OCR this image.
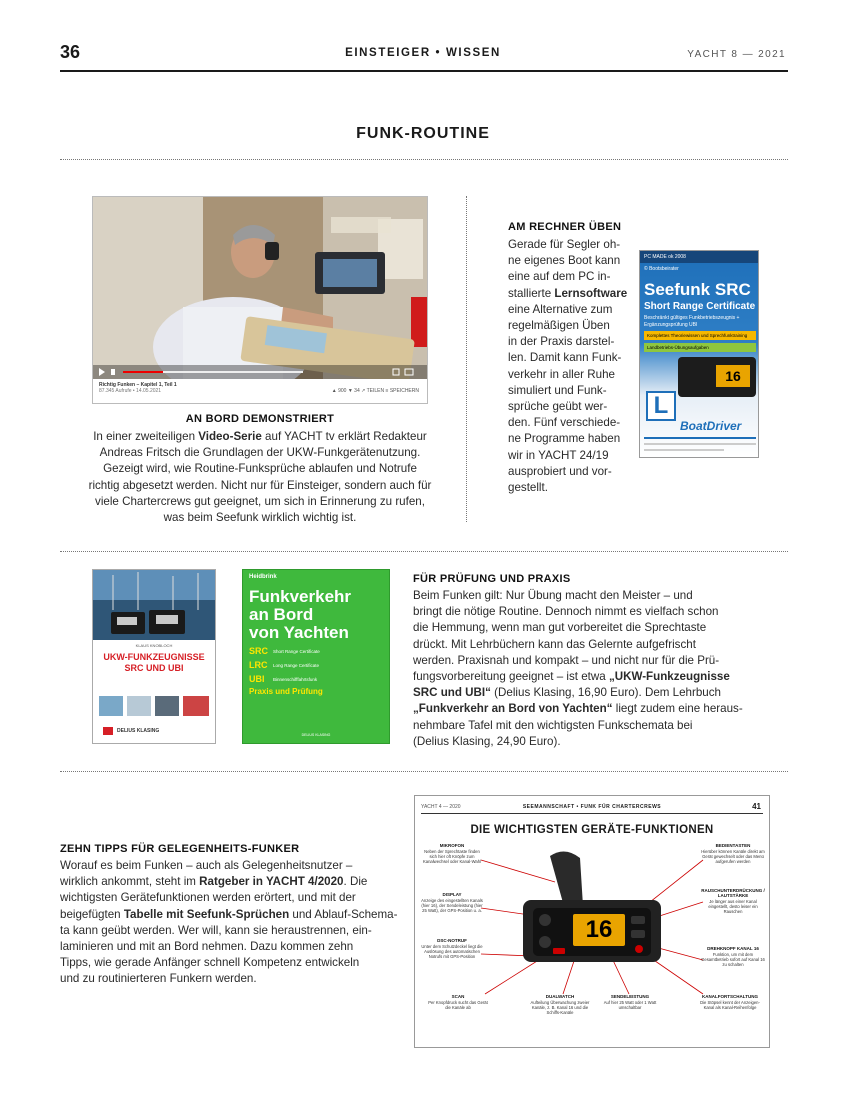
36	EINSTEIGER • WISSEN	YACHT 8 — 2021
FUNK-ROUTINE
Richtig Funken – Kapitel 1, Teil 1
87.345 Aufrufe • 14.05.2021	▲ 900 ▼ 34 ↗ TEILEN ≡ SPEICHERN
AN BORD DEMONSTRIERT
In einer zweiteiligen Video-Serie auf YACHT tv erklärt Redakteur
Andreas Fritsch die Grundlagen der UKW-Funkgerätenutzung.
Gezeigt wird, wie Routine-Funksprüche ablaufen und Notrufe
richtig abgesetzt werden. Nicht nur für Einsteiger, sondern auch für
viele Chartercrews gut geeignet, um sich in Erinnerung zu rufen,
was beim Seefunk wirklich wichtig ist.
AM RECHNER ÜBEN
Gerade für Segler oh-
ne eigenes Boot kann
eine auf dem PC in-
stallierte Lernsoftware
eine Alternative zum
regelmäßigen Üben
in der Praxis darstel-
len. Damit kann Funk-
verkehr in aller Ruhe
simuliert und Funk-
sprüche geübt wer-
den. Fünf verschiede-
ne Programme haben
wir in YACHT 24/19
ausprobiert und vor-
gestellt.
PC MADE ok 2008
© Bootsbeirater
Seefunk SRC
Short Range Certificate
Beschränkt gültiges Funkbetriebszeugnis +
Ergänzungsprüfung UBI
Komplettes Theoriewissen und Sprechfunktraining
Landbetriebs-Übungsaufgaben
16
L
BoatDriver
KLAUS KNOBLOCH
UKW-FUNKZEUGNISSE
SRC UND UBI
DELIUS KLASING
Heidbrink
Funkverkehr
an Bord
von Yachten
SRC Short Range Certificate
LRC Long Range Certificate
UBI Binnenschifffahrtsfunk
Praxis und Prüfung
DELIUS KLASING
FÜR PRÜFUNG UND PRAXIS
Beim Funken gilt: Nur Übung macht den Meister – und
bringt die nötige Routine. Dennoch nimmt es vielfach schon
die Hemmung, wenn man gut vorbereitet die Sprechtaste
drückt. Mit Lehrbüchern kann das Gelernte aufgefrischt
werden. Praxisnah und kompakt – und nicht nur für die Prü-
fungsvorbereitung geeignet – ist etwa „UKW-Funkzeugnisse
SRC und UBI“ (Delius Klasing, 16,90 Euro). Dem Lehrbuch
„Funkverkehr an Bord von Yachten“ liegt zudem eine heraus-
nehmbare Tafel mit den wichtigsten Funkschemata bei
(Delius Klasing, 24,90 Euro).
ZEHN TIPPS FÜR GELEGENHEITS-FUNKER
Worauf es beim Funken – auch als Gelegenheitsnutzer –
wirklich ankommt, steht im Ratgeber in YACHT 4/2020. Die
wichtigsten Gerätefunktionen werden erörtert, und mit der
beigefügten Tabelle mit Seefunk-Sprüchen und Ablauf-Schema-
ta kann geübt werden. Wer will, kann sie heraustrennen, ein-
laminieren und mit an Bord nehmen. Dazu kommen zehn
Tipps, wie gerade Anfänger schnell Kompetenz entwickeln
und zu routinierteren Funkern werden.
YACHT 4 — 2020	SEEMANNSCHAFT • FUNK FÜR CHARTERCREWS	41
DIE WICHTIGSTEN GERÄTE-FUNKTIONEN
16
MIKROFON
Neben der Sprechtaste finden sich hier oft Knöpfe zum Kanalwechsel oder Kanal-Wahl
DISPLAY
Anzeige des eingestellten Kanals (hier 16), der Sendeleistung (hier 25 Watt), der GPS-Position u. a.
DSC-NOTRUF
Unter dem Schutzdeckel liegt die Auslösung des automatischen Notrufs mit GPS-Position
SCAN
Per Knopfdruck sucht das Gerät die Kanäle ab
DUALWATCH
Aufteilung Überwachung zweier Kanäle, z. B. Kanal 16 und die Schiffs-Kanäle
SENDELEISTUNG
Auf hier 25 Watt oder 1 Watt umschaltbar
KANALFORTSCHALTUNG
Die Stöpsel kennt der Anzeigen-Kanal als Kanal-Reihenfolge
DREHKNOPF KANAL 16
Funktion, um mit dem Gesamtbetrieb sofort auf Kanal 16 zu schalten
RAUSCHUNTERDRÜCKUNG / LAUTSTÄRKE
Je länger aus einer Kanal eingestellt, desto leiser ein Rauschen
BEDIENTASTEN
Hierüber können Kanäle direkt am Gerät gewechselt oder das Menü aufgerufen werden
